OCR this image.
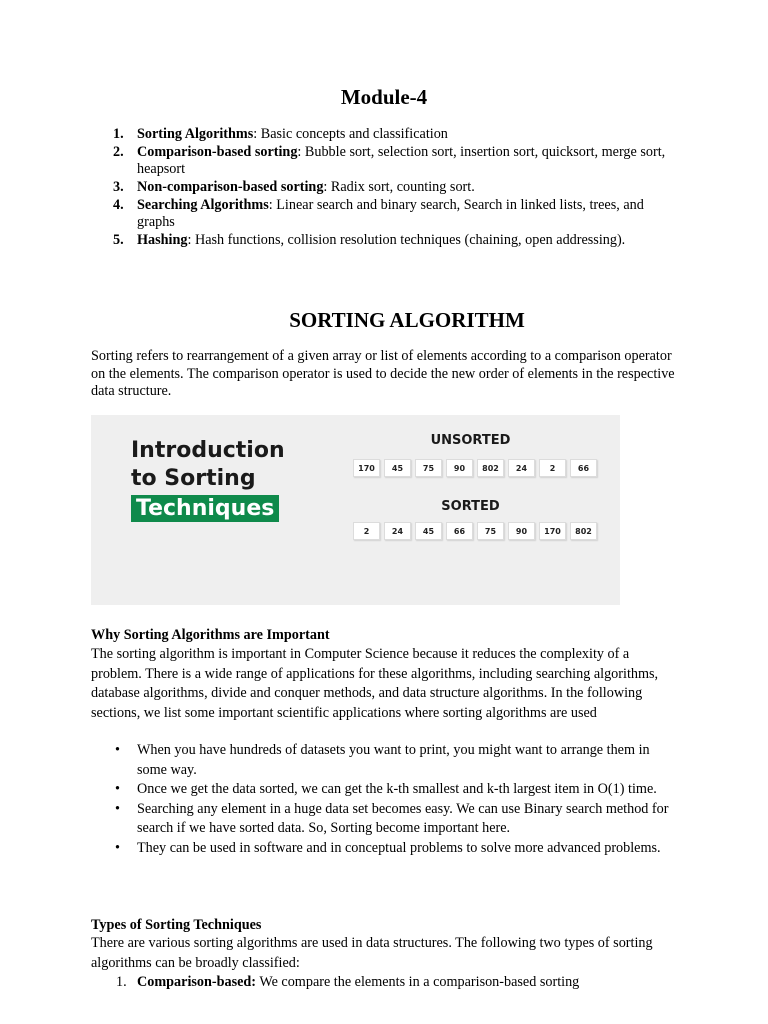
Module-4
1. Sorting Algorithms: Basic concepts and classification
2. Comparison-based sorting: Bubble sort, selection sort, insertion sort, quicksort, merge sort, heapsort
3. Non-comparison-based sorting: Radix sort, counting sort.
4. Searching Algorithms: Linear search and binary search, Search in linked lists, trees, and graphs
5. Hashing: Hash functions, collision resolution techniques (chaining, open addressing).
SORTING ALGORITHM

Sorting refers to rearrangement of a given array or list of elements according to a comparison operator on the elements. The comparison operator is used to decide the new order of elements in the respective data structure.

Introduction
to Sorting
Techniques
UNSORTED
170	45	75	90	802	24	2	66
SORTED
2	24	45	66	75	90	170	802

Why Sorting Algorithms are Important

The sorting algorithm is important in Computer Science because it reduces the complexity of a problem. There is a wide range of applications for these algorithms, including searching algorithms, database algorithms, divide and conquer methods, and data structure algorithms. In the following sections, we list some important scientific applications where sorting algorithms are used

• When you have hundreds of datasets you want to print, you might want to arrange them in some way.
• Once we get the data sorted, we can get the k-th smallest and k-th largest item in O(1) time.
• Searching any element in a huge data set becomes easy. We can use Binary search method for search if we have sorted data. So, Sorting become important here.
• They can be used in software and in conceptual problems to solve more advanced problems.

Types of Sorting Techniques

There are various sorting algorithms are used in data structures. The following two types of sorting algorithms can be broadly classified:

1. Comparison-based: We compare the elements in a comparison-based sorting
